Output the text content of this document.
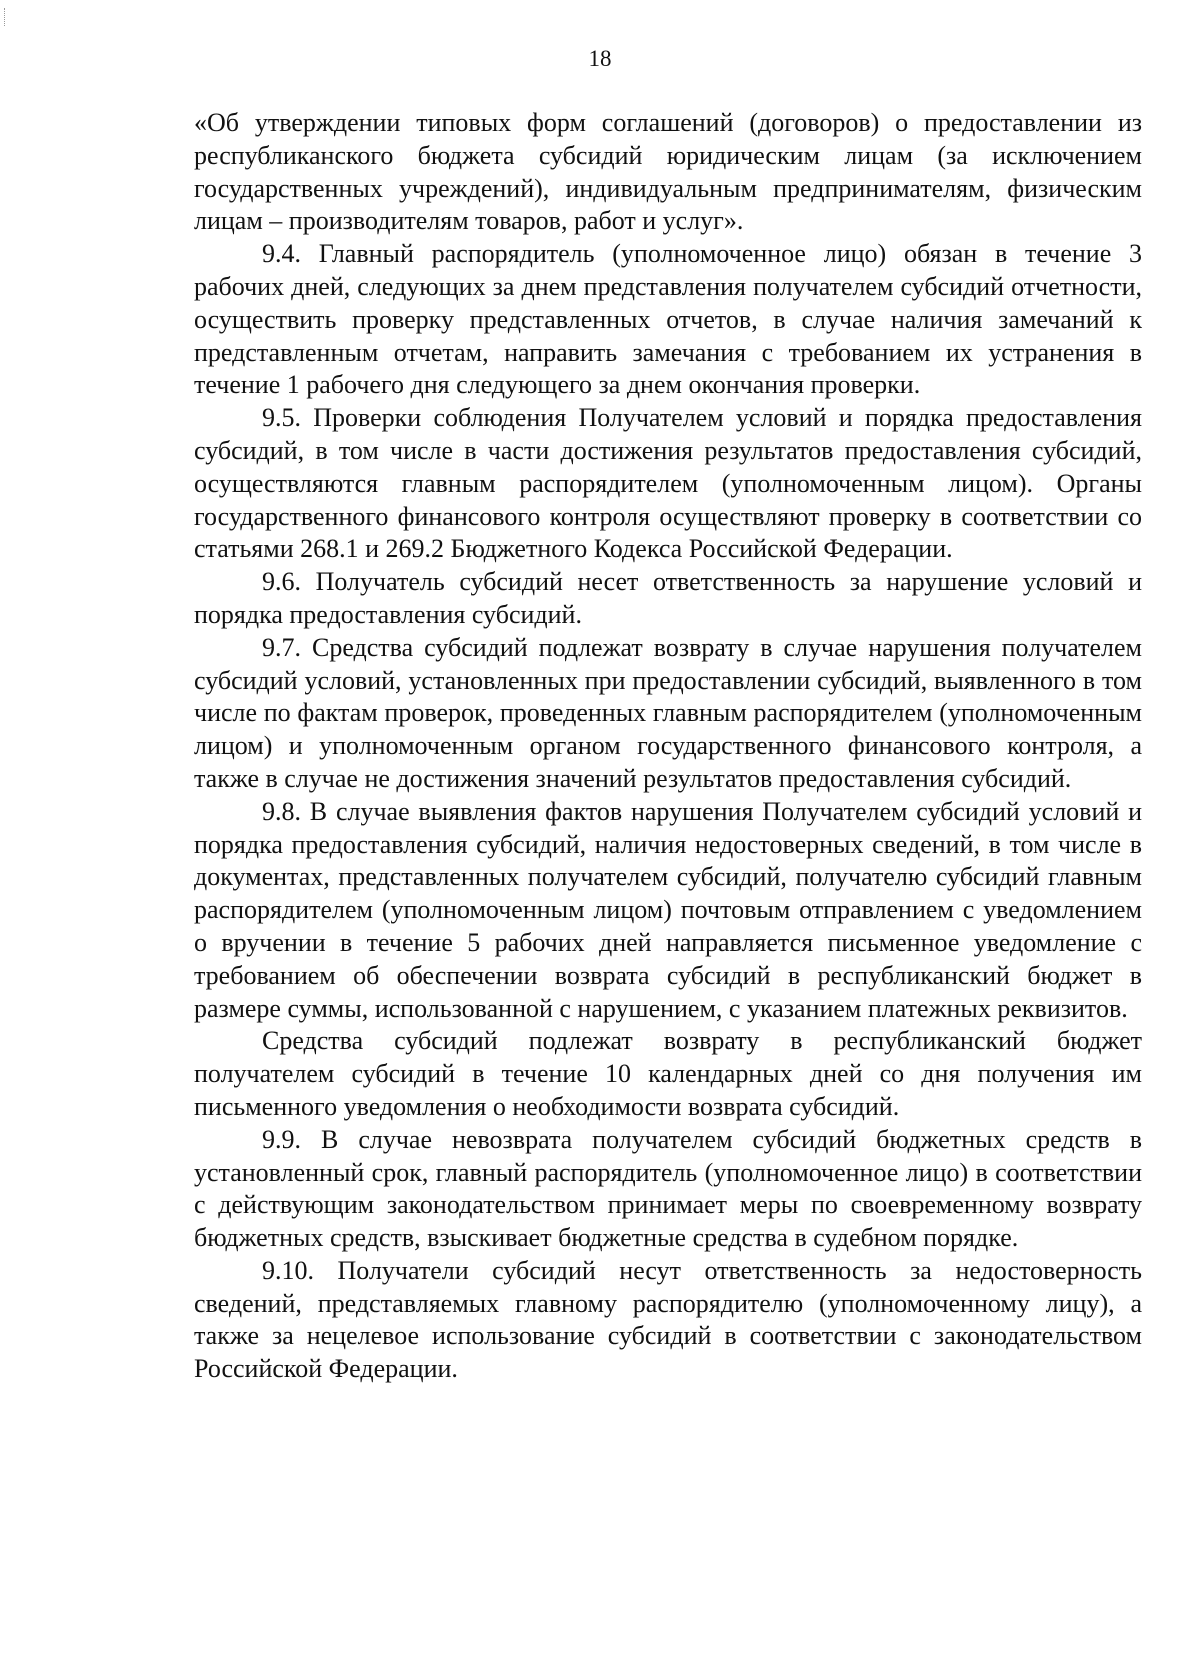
18

«Об утверждении типовых форм соглашений (договоров) о предоставлении из республиканского бюджета субсидий юридическим лицам (за исключением государственных учреждений), индивидуальным предпринимателям, физическим лицам – производителям товаров, работ и услуг».

9.4. Главный распорядитель (уполномоченное лицо) обязан в течение 3 рабочих дней, следующих за днем представления получателем субсидий отчетности, осуществить проверку представленных отчетов, в случае наличия замечаний к представленным отчетам, направить замечания с требованием их устранения в течение 1 рабочего дня следующего за днем окончания проверки.

9.5. Проверки соблюдения Получателем условий и порядка предоставления субсидий, в том числе в части достижения результатов предоставления субсидий, осуществляются главным распорядителем (уполномоченным лицом). Органы государственного финансового контроля осуществляют проверку в соответствии со статьями 268.1 и 269.2 Бюджетного Кодекса Российской Федерации.

9.6. Получатель субсидий несет ответственность за нарушение условий и порядка предоставления субсидий.

9.7. Средства субсидий подлежат возврату в случае нарушения получателем субсидий условий, установленных при предоставлении субсидий, выявленного в том числе по фактам проверок, проведенных главным распорядителем (уполномоченным лицом) и уполномоченным органом государственного финансового контроля, а также в случае не достижения значений результатов предоставления субсидий.

9.8. В случае выявления фактов нарушения Получателем субсидий условий и порядка предоставления субсидий, наличия недостоверных сведений, в том числе в документах, представленных получателем субсидий, получателю субсидий главным распорядителем (уполномоченным лицом) почтовым отправлением с уведомлением о вручении в течение 5 рабочих дней направляется письменное уведомление с требованием об обеспечении возврата субсидий в республиканский бюджет в размере суммы, использованной с нарушением, с указанием платежных реквизитов.

Средства субсидий подлежат возврату в республиканский бюджет получателем субсидий в течение 10 календарных дней со дня получения им письменного уведомления о необходимости возврата субсидий.

9.9. В случае невозврата получателем субсидий бюджетных средств в установленный срок, главный распорядитель (уполномоченное лицо) в соответствии с действующим законодательством принимает меры по своевременному возврату бюджетных средств, взыскивает бюджетные средства в судебном порядке.

9.10. Получатели субсидий несут ответственность за недостоверность сведений, представляемых главному распорядителю (уполномоченному лицу), а также за нецелевое использование субсидий в соответствии с законодательством Российской Федерации.
